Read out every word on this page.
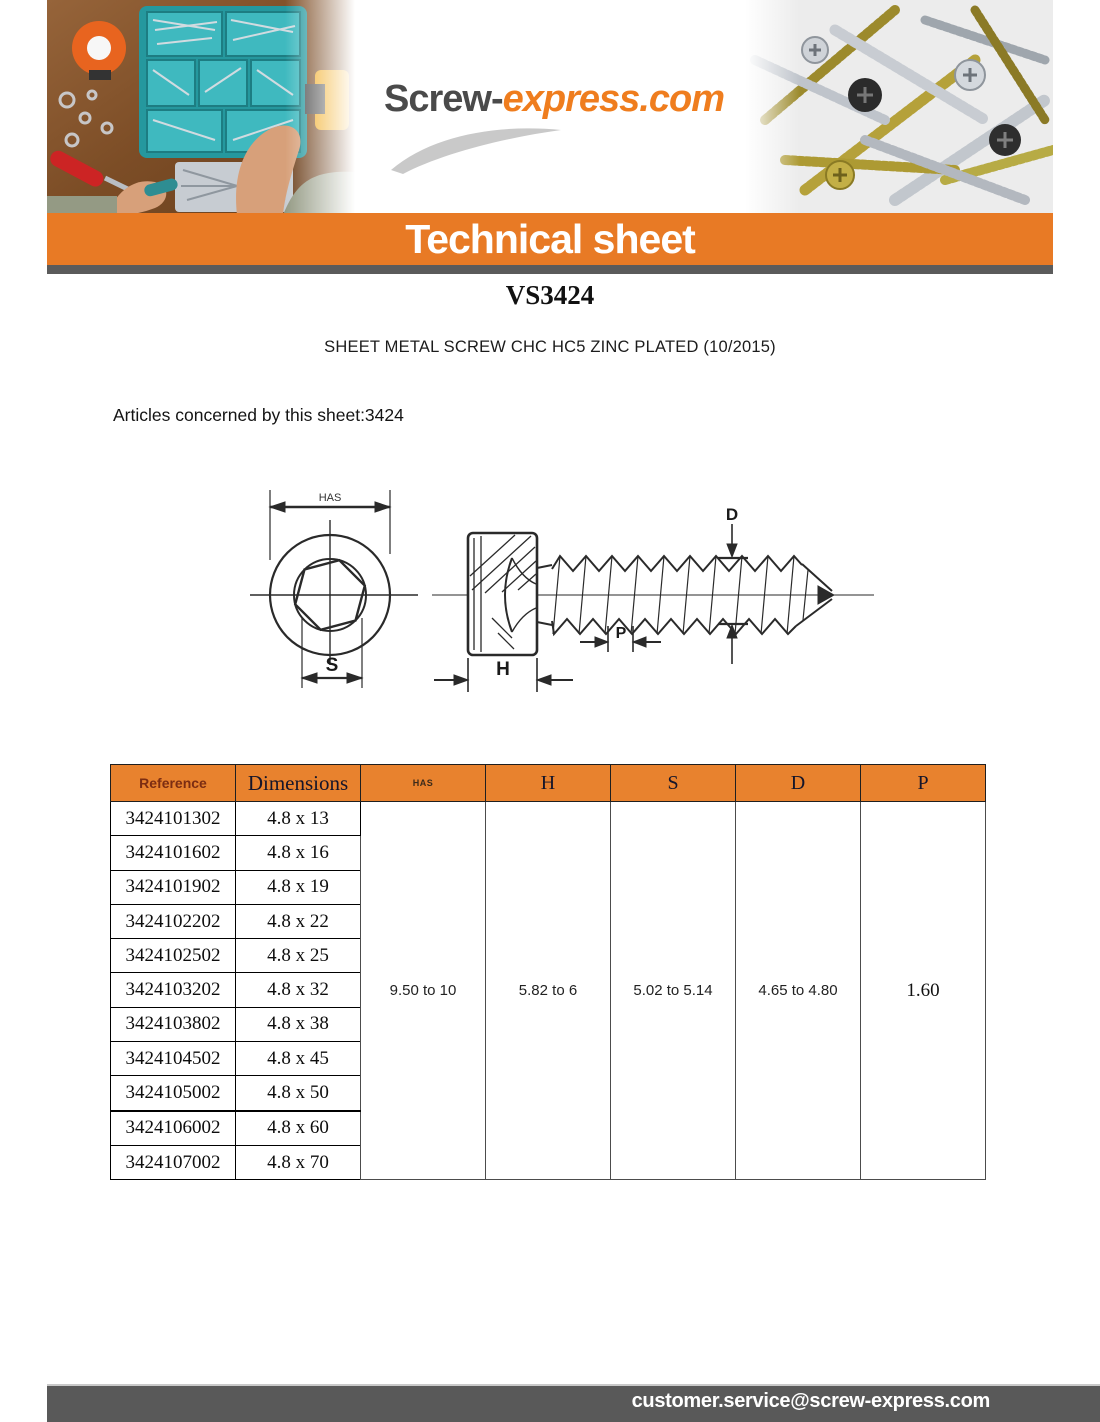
Screw-express.com
Technical sheet
VS3424
SHEET METAL SCREW CHC HC5 ZINC PLATED (10/2015)
Articles concerned by this sheet:3424
HAS
S	H
D
P
Reference	Dimensions	HAS	H	S	D	P
3424101302	4.8 x 13	9.50 to 10	5.82 to 6	5.02 to 5.14	4.65 to 4.80	1.60
3424101602	4.8 x 16					
3424101902	4.8 x 19					
3424102202	4.8 x 22					
3424102502	4.8 x 25					
3424103202	4.8 x 32					
3424103802	4.8 x 38					
3424104502	4.8 x 45					
3424105002	4.8 x 50					
3424106002	4.8 x 60					
3424107002	4.8 x 70					
customer.service@screw-express.com
